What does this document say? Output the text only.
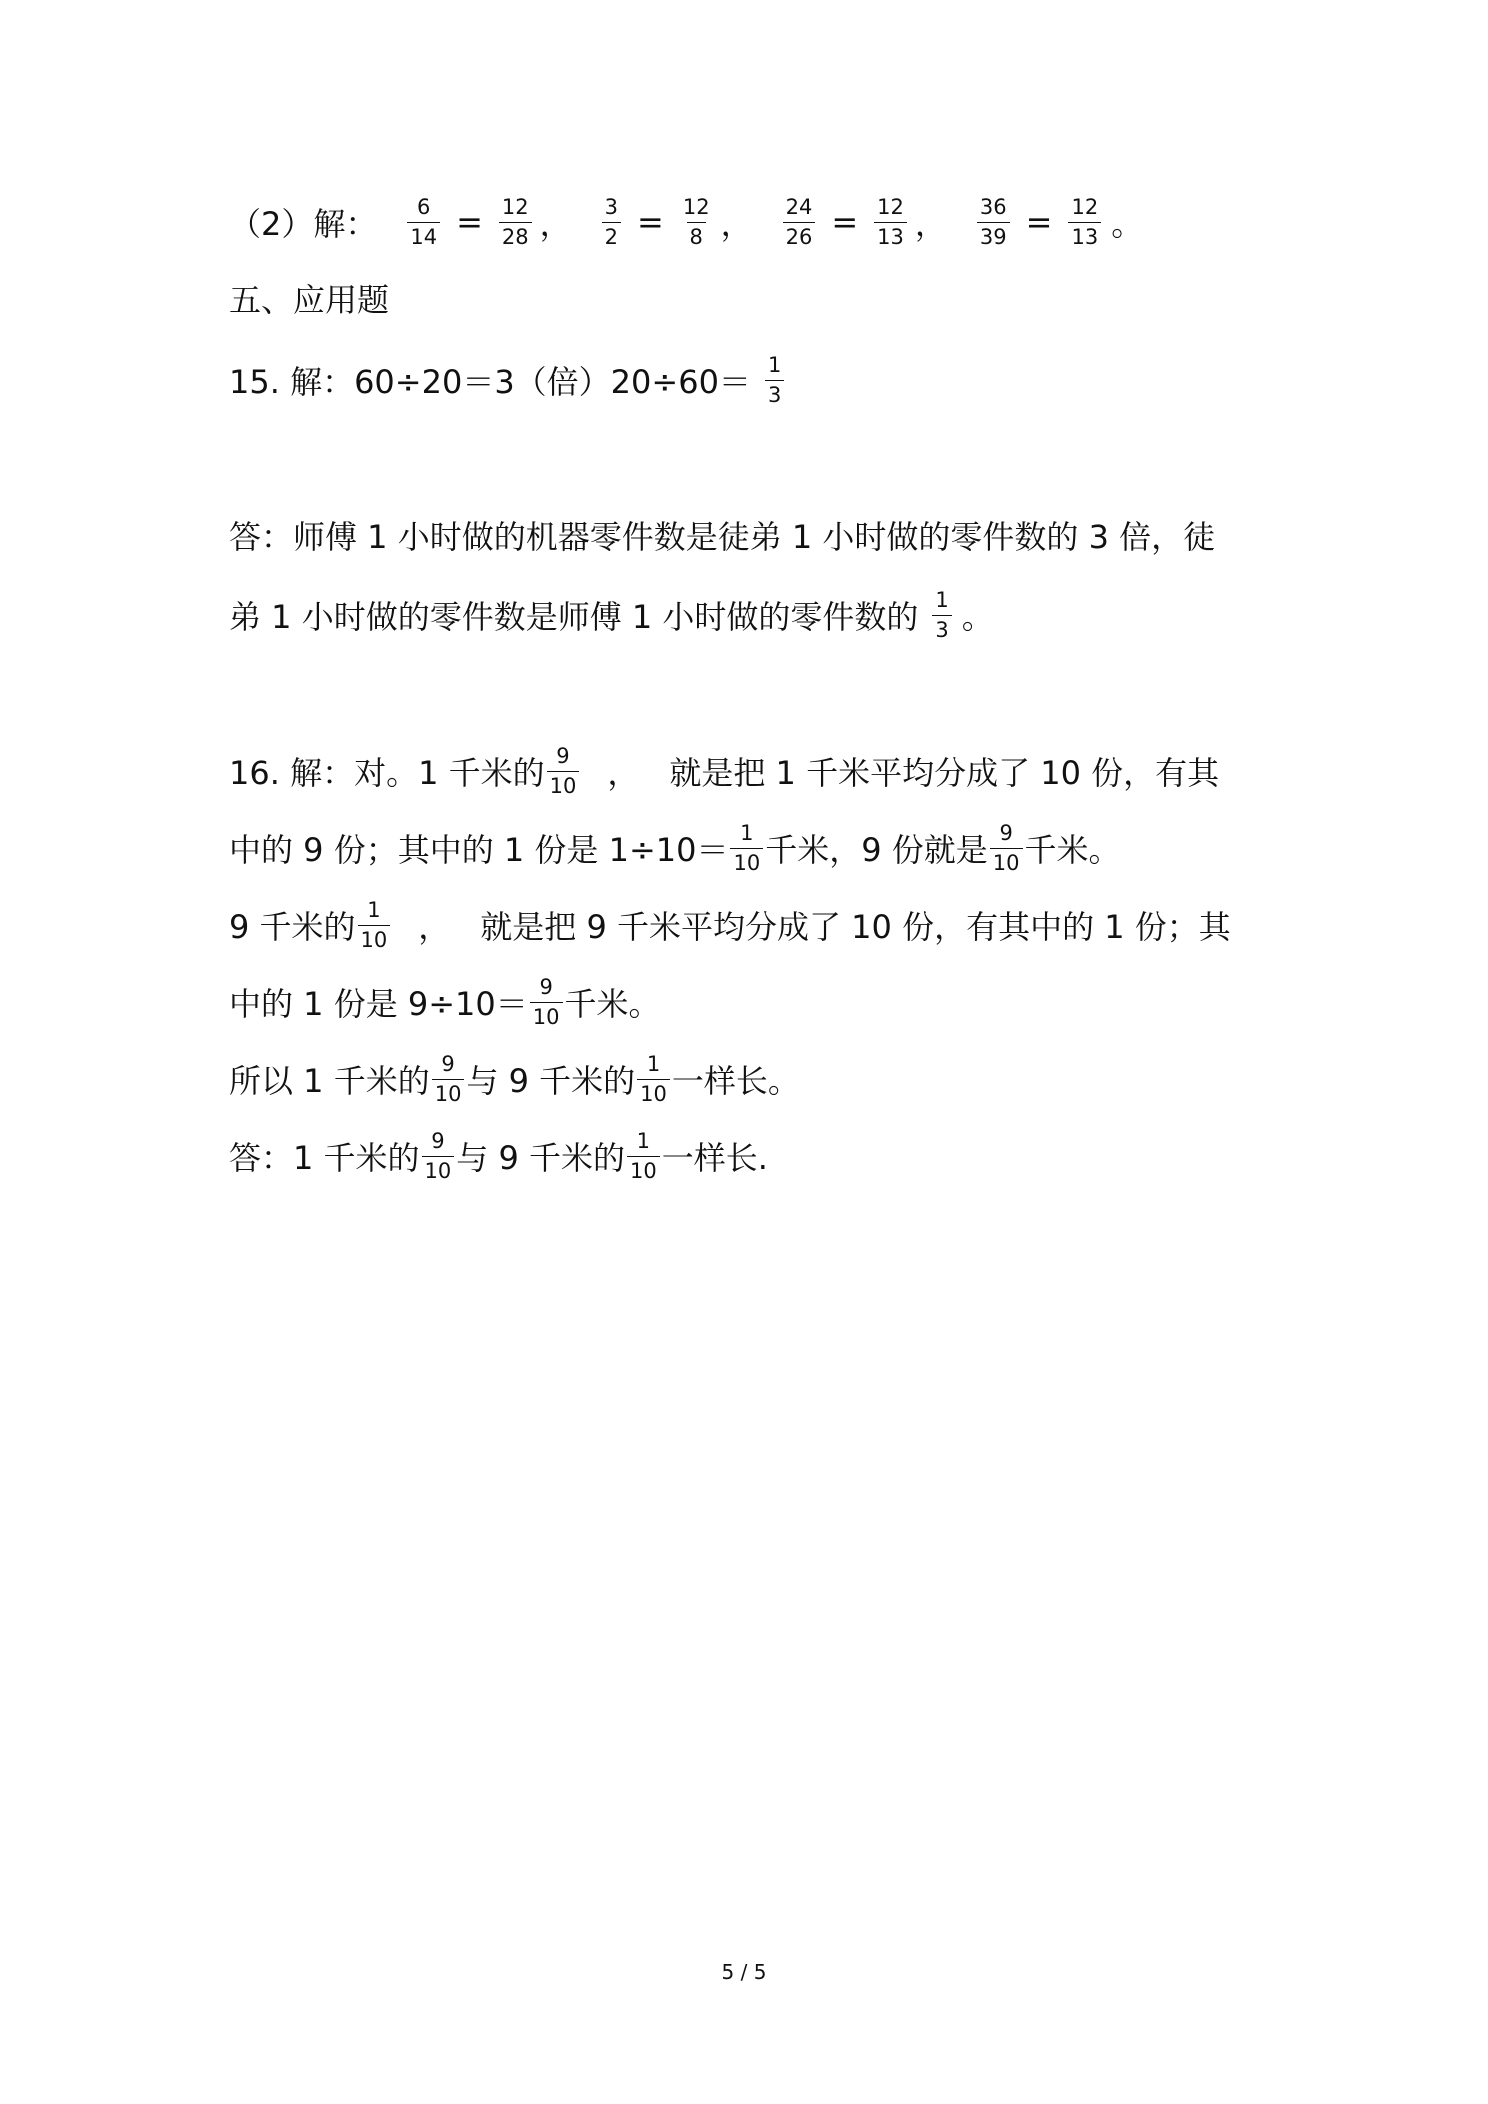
（2）解： $\frac{6}{14} = \frac{12}{28}$ ， $\frac{3}{2} = \frac{12}{8}$ ， $\frac{24}{26} = \frac{12}{13}$ ， $\frac{36}{39} = \frac{12}{13}$ 。
五、应用题
15. 解：60÷20＝3（倍）$20\div 60= \frac{1}{3}$
答：师傅 1 小时做的机器零件数是徒弟 1 小时做的零件数的 3 倍，徒
弟 1 小时做的零件数是师傅 1 小时做的零件数的 $\frac{1}{3}$ 。
16. 解：对。1 千米的 $\frac{9}{10}$ ， 就是把 1 千米平均分成了 10 份，有其
中的 9 份；其中的 1 份是 $1\div 10= \frac{1}{10}$ 千米，9 份就是 $\frac{9}{10}$ 千米。
9 千米的 $\frac{1}{10}$ ， 就是把 9 千米平均分成了 10 份，有其中的 1 份；其
中的 1 份是 $9\div 10= \frac{9}{10}$ 千米。
所以 1 千米的 $\frac{9}{10}$ 与 9 千米的 $\frac{1}{10}$ 一样长。
答：1 千米的 $\frac{9}{10}$ 与 9 千米的 $\frac{1}{10}$ 一样长.
5 / 5
